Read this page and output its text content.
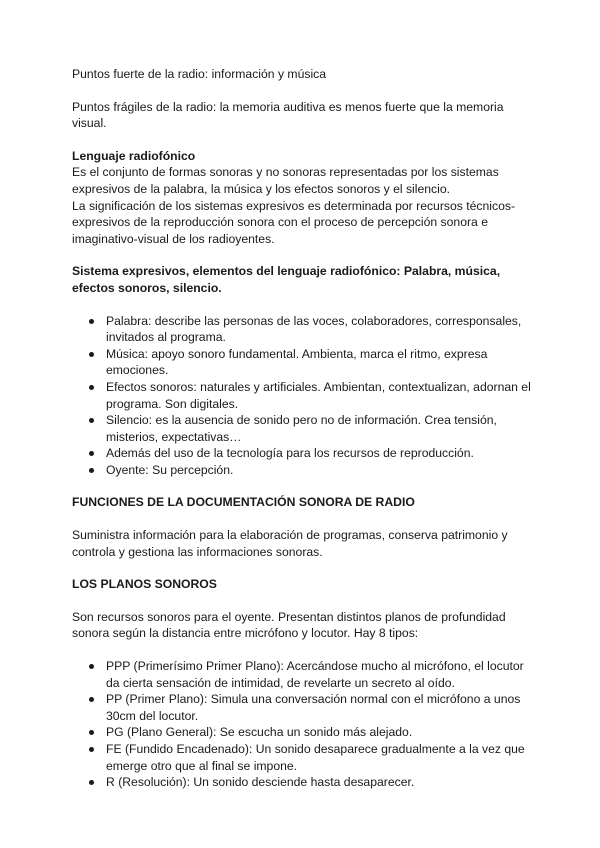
Puntos fuerte de la radio: información y música

Puntos frágiles de la radio: la memoria auditiva es menos fuerte que la memoria visual.

Lenguaje radiofónico

Es el conjunto de formas sonoras y no sonoras representadas por los sistemas expresivos de la palabra, la música y los efectos sonoros y el silencio.

La significación de los sistemas expresivos es determinada por recursos técnicos-expresivos de la reproducción sonora con el proceso de percepción sonora e imaginativo-visual de los radioyentes.

Sistema expresivos, elementos del lenguaje radiofónico: Palabra, música, efectos sonoros, silencio.

Palabra: describe las personas de las voces, colaboradores, corresponsales, invitados al programa.
Música: apoyo sonoro fundamental. Ambienta, marca el ritmo, expresa emociones.
Efectos sonoros: naturales y artificiales. Ambientan, contextualizan, adornan el programa. Son digitales.
Silencio: es la ausencia de sonido pero no de información. Crea tensión, misterios, expectativas…
Además del uso de la tecnología para los recursos de reproducción.
Oyente: Su percepción.

FUNCIONES DE LA DOCUMENTACIÓN SONORA DE RADIO

Suministra información para la elaboración de programas, conserva patrimonio y controla y gestiona las informaciones sonoras.

LOS PLANOS SONOROS

Son recursos sonoros para el oyente. Presentan distintos planos de profundidad sonora según la distancia entre micrófono y locutor. Hay 8 tipos:

PPP (Primerísimo Primer Plano): Acercándose mucho al micrófono, el locutor da cierta sensación de intimidad, de revelarte un secreto al oído.
PP (Primer Plano): Simula una conversación normal con el micrófono a unos 30cm del locutor.
PG (Plano General): Se escucha un sonido más alejado.
FE (Fundido Encadenado): Un sonido desaparece gradualmente a la vez que emerge otro que al final se impone.
R (Resolución): Un sonido desciende hasta desaparecer.
